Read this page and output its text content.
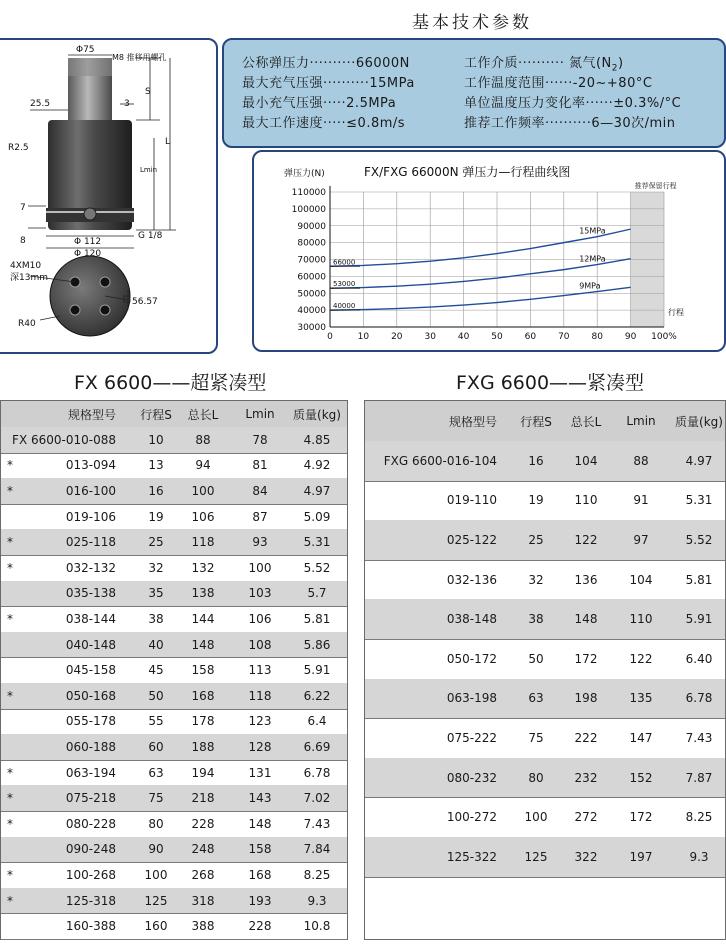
基本技术参数
Φ75
M8 推移用螺孔
25.5	3
S
R2.5
L
Lmin
7
8	Φ 112
G 1/8
Φ 120
4XM10
深13mm
56.57
R40
公称弹压力··········66000N
最大充气压强··········15MPa
最小充气压强·····2.5MPa
最大工作速度·····≤0.8m/s
工作介质·········· 氮气$(N_2)$
工作温度范围······-20~+80°C
单位温度压力变化率······±0.3%/°C
推荐工作频率··········6—30次/min
推荐保留行程
30000
40000
50000
60000
70000
80000
90000
100000
110000
0	10 20 30 40 50 60 70 80 90 100%
弹压力(N)	FX/FXG 66000N 弹压力—行程曲线图
行程
66000
15MPa
53000
12MPa
40000
9MPa
FX 6600——超紧凑型	FXG 6600——紧凑型
规格型号	行程S	总长L	Lmin	质量(kg)
FX 6600-010-088	10	88	78	4.85
*	013-094	13	94	81	4.92
*	016-100	16	100	84	4.97
019-106	19	106	87	5.09
*	025-118	25	118	93	5.31
*	032-132	32	132	100	5.52
035-138	35	138	103	5.7
*	038-144	38	144	106	5.81
040-148	40	148	108	5.86
045-158	45	158	113	5.91
*	050-168	50	168	118	6.22
055-178	55	178	123	6.4
060-188	60	188	128	6.69
*	063-194	63	194	131	6.78
*	075-218	75	218	143	7.02
*	080-228	80	228	148	7.43
090-248	90	248	158	7.84
*	100-268	100	268	168	8.25
*	125-318	125	318	193	9.3
160-388	160	388	228	10.8
规格型号	行程S	总长L	Lmin	质量(kg)
FXG 6600-016-104	16	104	88	4.97
019-110	19	110	91	5.31
025-122	25	122	97	5.52
032-136	32	136	104	5.81
038-148	38	148	110	5.91
050-172	50	172	122	6.40
063-198	63	198	135	6.78
075-222	75	222	147	7.43
080-232	80	232	152	7.87
100-272	100	272	172	8.25
125-322	125	322	197	9.3
